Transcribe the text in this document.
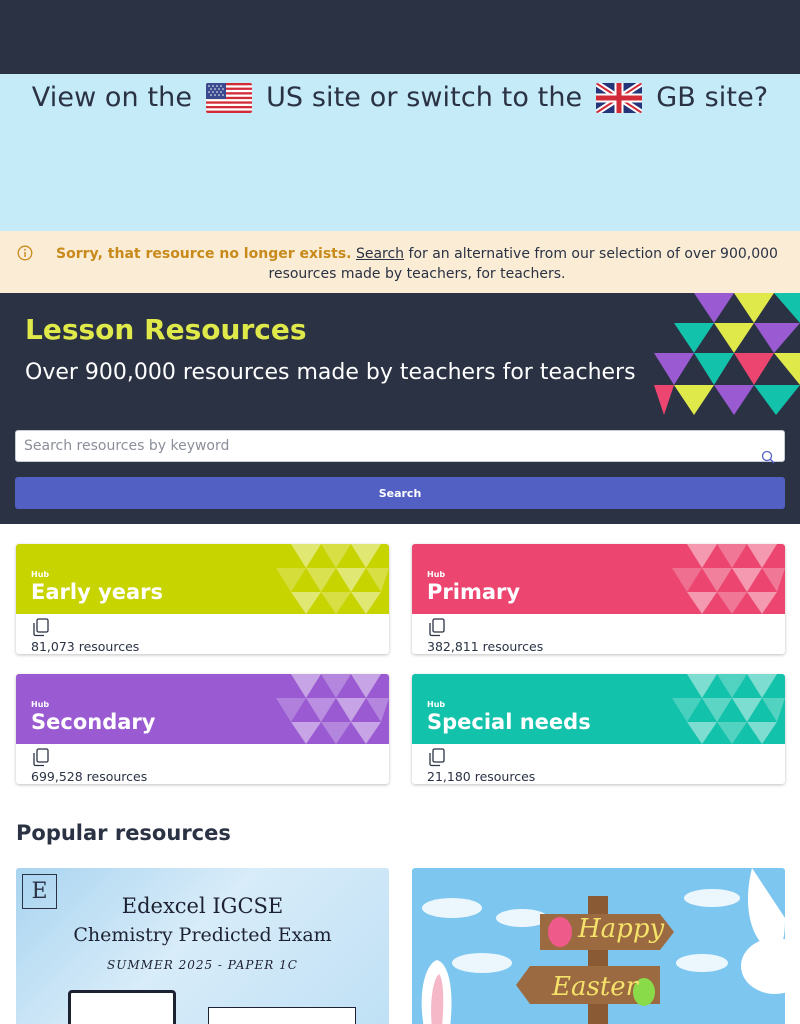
View on the	US site or switch to the	GB site?
Sorry, that resource no longer exists. Search for an alternative from our selection of over 900,000 resources made by teachers, for teachers.
Lesson Resources
Over 900,000 resources made by teachers for teachers
Search resources by keyword
Search
Hub
Early years
81,073 resources
Hub
Primary
382,811 resources
Hub
Secondary
699,528 resources
Hub
Special needs
21,180 resources
Popular resources
E
Edexcel IGCSE
Chemistry Predicted Exam
SUMMER 2025 - PAPER 1C
Happy
Easter
